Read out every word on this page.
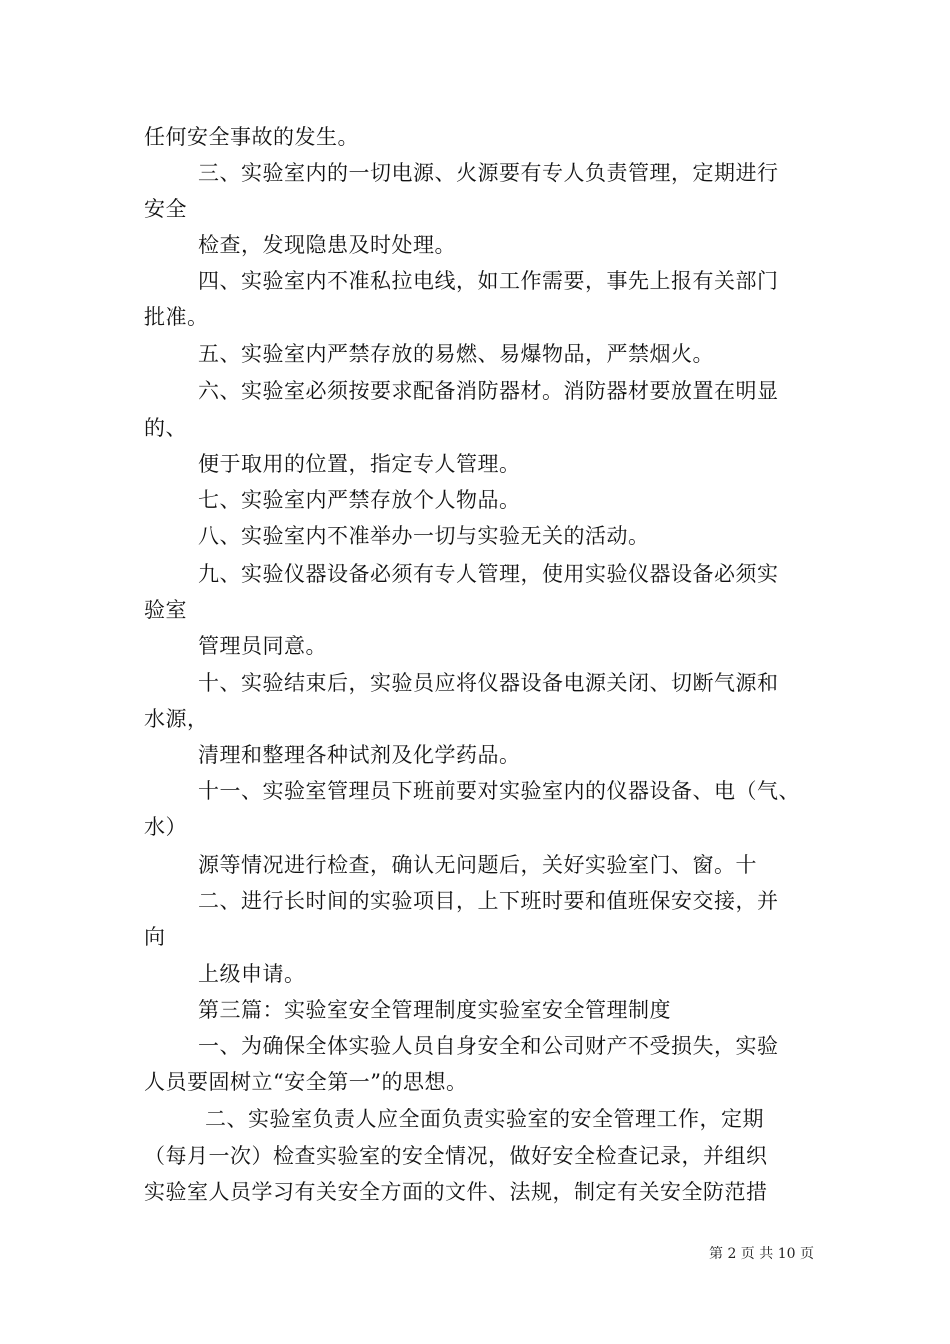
任何安全事故的发生。
三、实验室内的一切电源、火源要有专人负责管理，定期进行
安全
检查，发现隐患及时处理。
四、实验室内不准私拉电线，如工作需要，事先上报有关部门
批准。
五、实验室内严禁存放的易燃、易爆物品，严禁烟火。
六、实验室必须按要求配备消防器材。消防器材要放置在明显
的、
便于取用的位置，指定专人管理。
七、实验室内严禁存放个人物品。
八、实验室内不准举办一切与实验无关的活动。
九、实验仪器设备必须有专人管理，使用实验仪器设备必须实
验室
管理员同意。
十、实验结束后，实验员应将仪器设备电源关闭、切断气源和
水源，
清理和整理各种试剂及化学药品。
十一、实验室管理员下班前要对实验室内的仪器设备、电（气、
水）
源等情况进行检查，确认无问题后，关好实验室门、窗。十
二、进行长时间的实验项目，上下班时要和值班保安交接，并
向
上级申请。
第三篇：实验室安全管理制度实验室安全管理制度
一、为确保全体实验人员自身安全和公司财产不受损失，实验
人员要固树立“安全第一”的思想。
二、实验室负责人应全面负责实验室的安全管理工作，定期
（每月一次）检查实验室的安全情况，做好安全检查记录，并组织
实验室人员学习有关安全方面的文件、法规，制定有关安全防范措
第 2 页 共 10 页
